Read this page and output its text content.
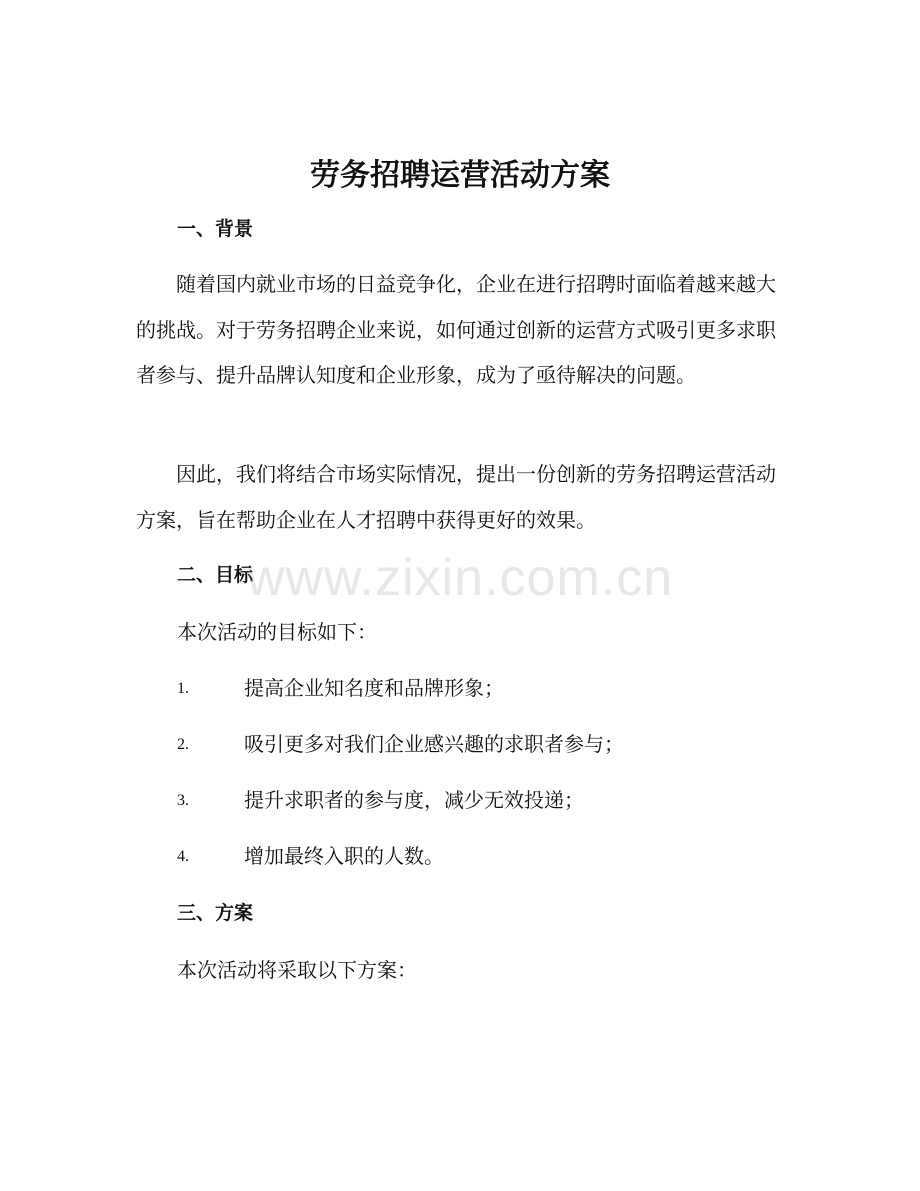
劳务招聘运营活动方案
一、背景

随着国内就业市场的日益竞争化，企业在进行招聘时面临着越来越大的挑战。对于劳务招聘企业来说，如何通过创新的运营方式吸引更多求职者参与、提升品牌认知度和企业形象，成为了亟待解决的问题。

因此，我们将结合市场实际情况，提出一份创新的劳务招聘运营活动方案，旨在帮助企业在人才招聘中获得更好的效果。

二、目标

本次活动的目标如下：

1.	提高企业知名度和品牌形象；
2.	吸引更多对我们企业感兴趣的求职者参与；
3.	提升求职者的参与度，减少无效投递；
4.	增加最终入职的人数。
三、方案

本次活动将采取以下方案：

www.zixin.com.cn
